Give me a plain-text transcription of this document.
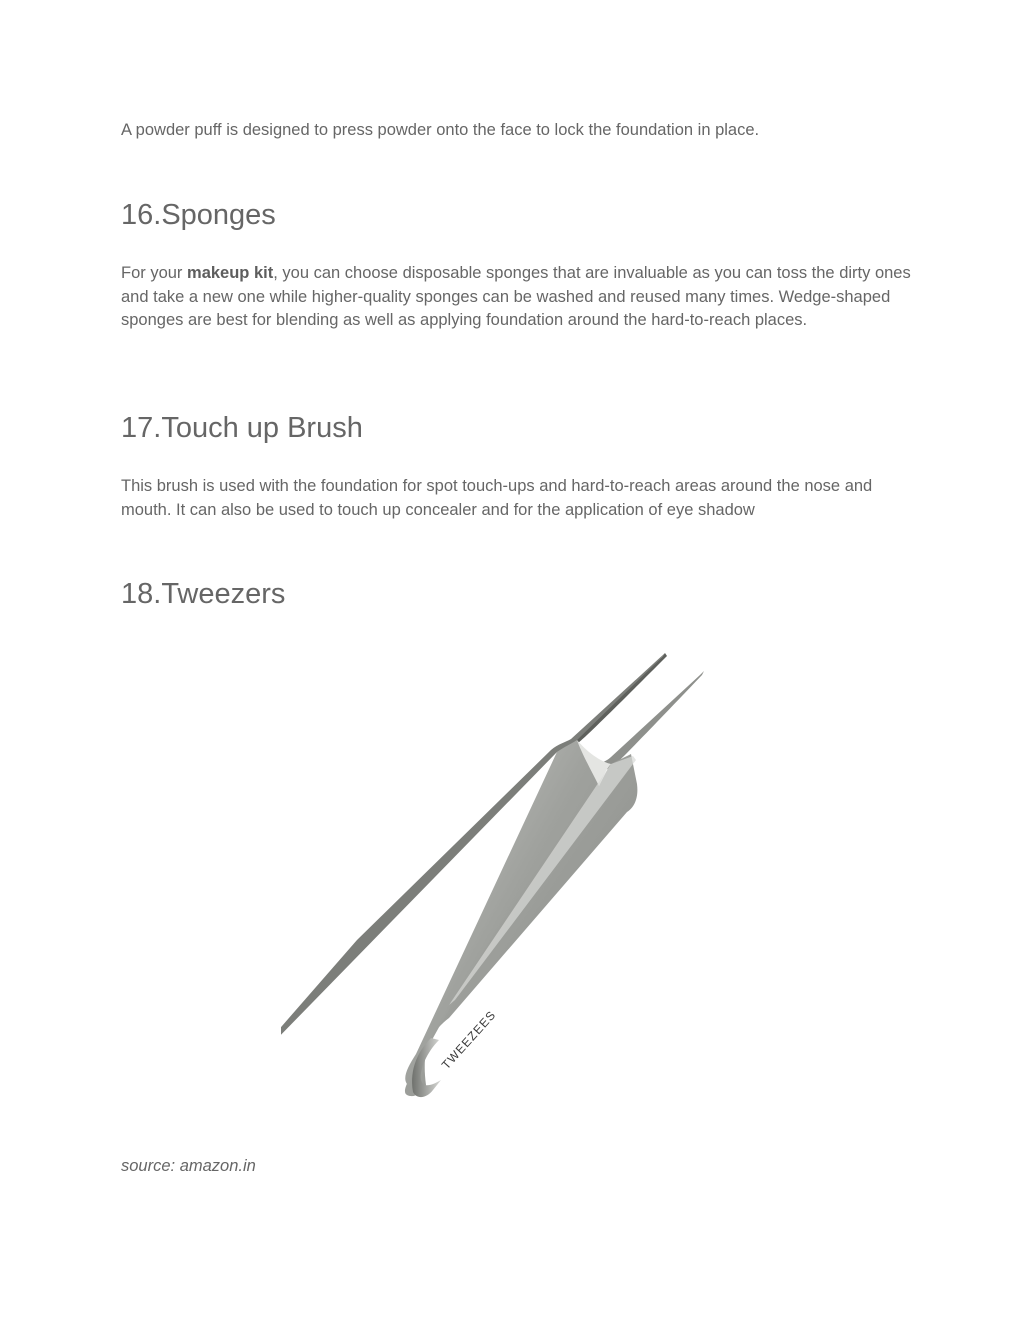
A powder puff is designed to press powder onto the face to lock the foundation in place.

16.Sponges

For your makeup kit, you can choose disposable sponges that are invaluable as you can toss the dirty ones and take a new one while higher-quality sponges can be washed and reused many times. Wedge-shaped sponges are best for blending as well as applying foundation around the hard-to-reach places.

17.Touch up Brush

This brush is used with the foundation for spot touch-ups and hard-to-reach areas around the nose and mouth. It can also be used to touch up concealer and for the application of eye shadow

18.Tweezers
TWEEZEES
source: amazon.in
